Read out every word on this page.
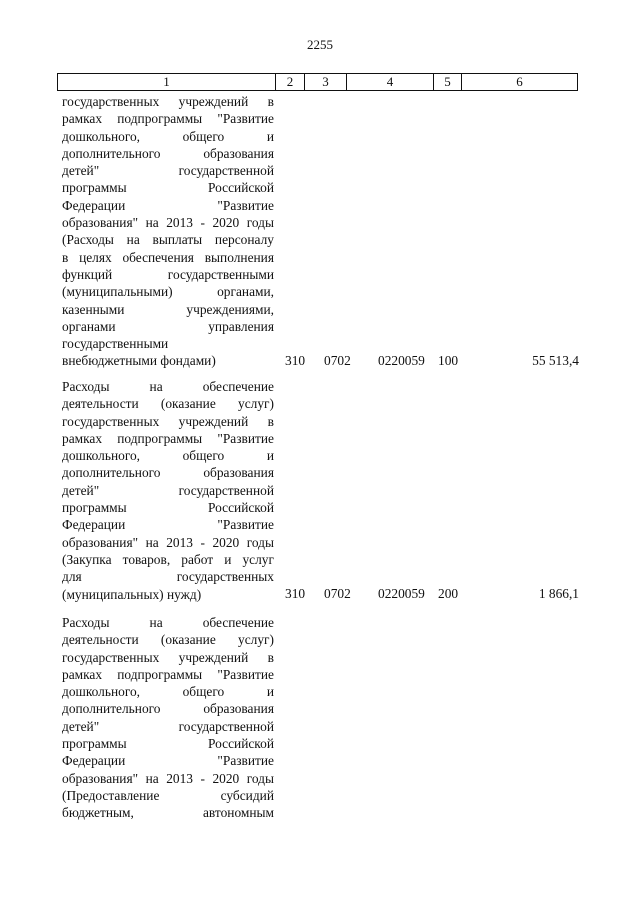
2255
1	2	3	4	5	6
государственных учреждений в
рамках подпрограммы "Развитие
дошкольного, общего и
дополнительного образования
детей" государственной
программы Российской
Федерации "Развитие
образования" на 2013 - 2020 годы
(Расходы на выплаты персоналу
в целях обеспечения выполнения
функций государственными
(муниципальными) органами,
казенными учреждениями,
органами управления
государственными
внебюджетными фондами)	310 0702 0220059 100	55 513,4
Расходы на обеспечение
деятельности (оказание услуг)
государственных учреждений в
рамках подпрограммы "Развитие
дошкольного, общего и
дополнительного образования
детей" государственной
программы Российской
Федерации "Развитие
образования" на 2013 - 2020 годы
(Закупка товаров, работ и услуг
для государственных
(муниципальных) нужд)	310 0702 0220059 200	1 866,1
Расходы на обеспечение
деятельности (оказание услуг)
государственных учреждений в
рамках подпрограммы "Развитие
дошкольного, общего и
дополнительного образования
детей" государственной
программы Российской
Федерации "Развитие
образования" на 2013 - 2020 годы
(Предоставление субсидий
бюджетным, автономным
